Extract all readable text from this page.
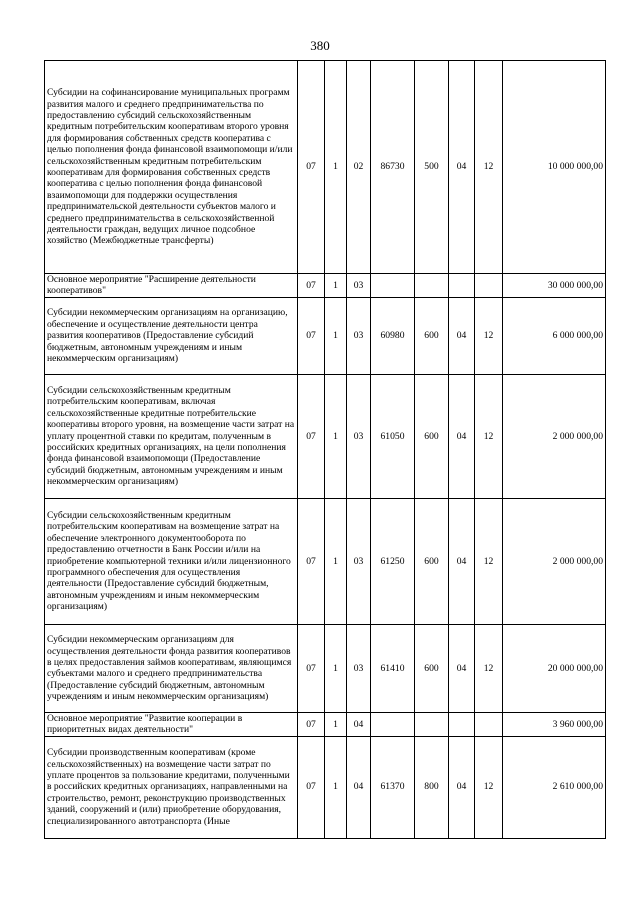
380
Субсидии на софинансирование муниципальных программ развития малого и среднего предпринимательства по предоставлению субсидий сельскохозяйственным кредитным потребительским кооперативам второго уровня для формирования собственных средств кооператива с целью пополнения фонда финансовой взаимопомощи и/или сельскохозяйственным кредитным потребительским кооперативам для формирования собственных средств кооператива с целью пополнения фонда финансовой взаимопомощи для поддержки осуществления предпринимательской деятельности субъектов малого и среднего предпринимательства в сельскохозяйственной деятельности граждан, ведущих личное подсобное хозяйство (Межбюджетные трансферты)	07	1	02	86730	500	04	12	10 000 000,00
Основное мероприятие "Расширение деятельности кооперативов"	07	1	03					30 000 000,00
Субсидии некоммерческим организациям на организацию, обеспечение и осуществление деятельности центра развития кооперативов (Предоставление субсидий бюджетным, автономным учреждениям и иным некоммерческим организациям)	07	1	03	60980	600	04	12	6 000 000,00
Субсидии сельскохозяйственным кредитным потребительским кооперативам, включая сельскохозяйственные кредитные потребительские кооперативы второго уровня, на возмещение части затрат на уплату процентной ставки по кредитам, полученным в российских кредитных организациях, на цели пополнения фонда финансовой взаимопомощи (Предоставление субсидий бюджетным, автономным учреждениям и иным некоммерческим организациям)	07	1	03	61050	600	04	12	2 000 000,00
Субсидии сельскохозяйственным кредитным потребительским кооперативам на возмещение затрат на обеспечение электронного документооборота по предоставлению отчетности в Банк России и/или на приобретение компьютерной техники и/или лицензионного программного обеспечения для осуществления деятельности (Предоставление субсидий бюджетным, автономным учреждениям и иным некоммерческим организациям)	07	1	03	61250	600	04	12	2 000 000,00
Субсидии некоммерческим организациям для осуществления деятельности фонда развития кооперативов в целях предоставления займов кооперативам, являющимся субъектами малого и среднего предпринимательства (Предоставление субсидий бюджетным, автономным учреждениям и иным некоммерческим организациям)	07	1	03	61410	600	04	12	20 000 000,00
Основное мероприятие "Развитие кооперации в приоритетных видах деятельности"	07	1	04					3 960 000,00
Субсидии производственным кооперативам (кроме сельскохозяйственных) на возмещение части затрат по уплате процентов за пользование кредитами, полученными в российских кредитных организациях, направленными на строительство, ремонт, реконструкцию производственных зданий, сооружений и (или) приобретение оборудования, специализированного автотранспорта (Иные	07	1	04	61370	800	04	12	2 610 000,00
